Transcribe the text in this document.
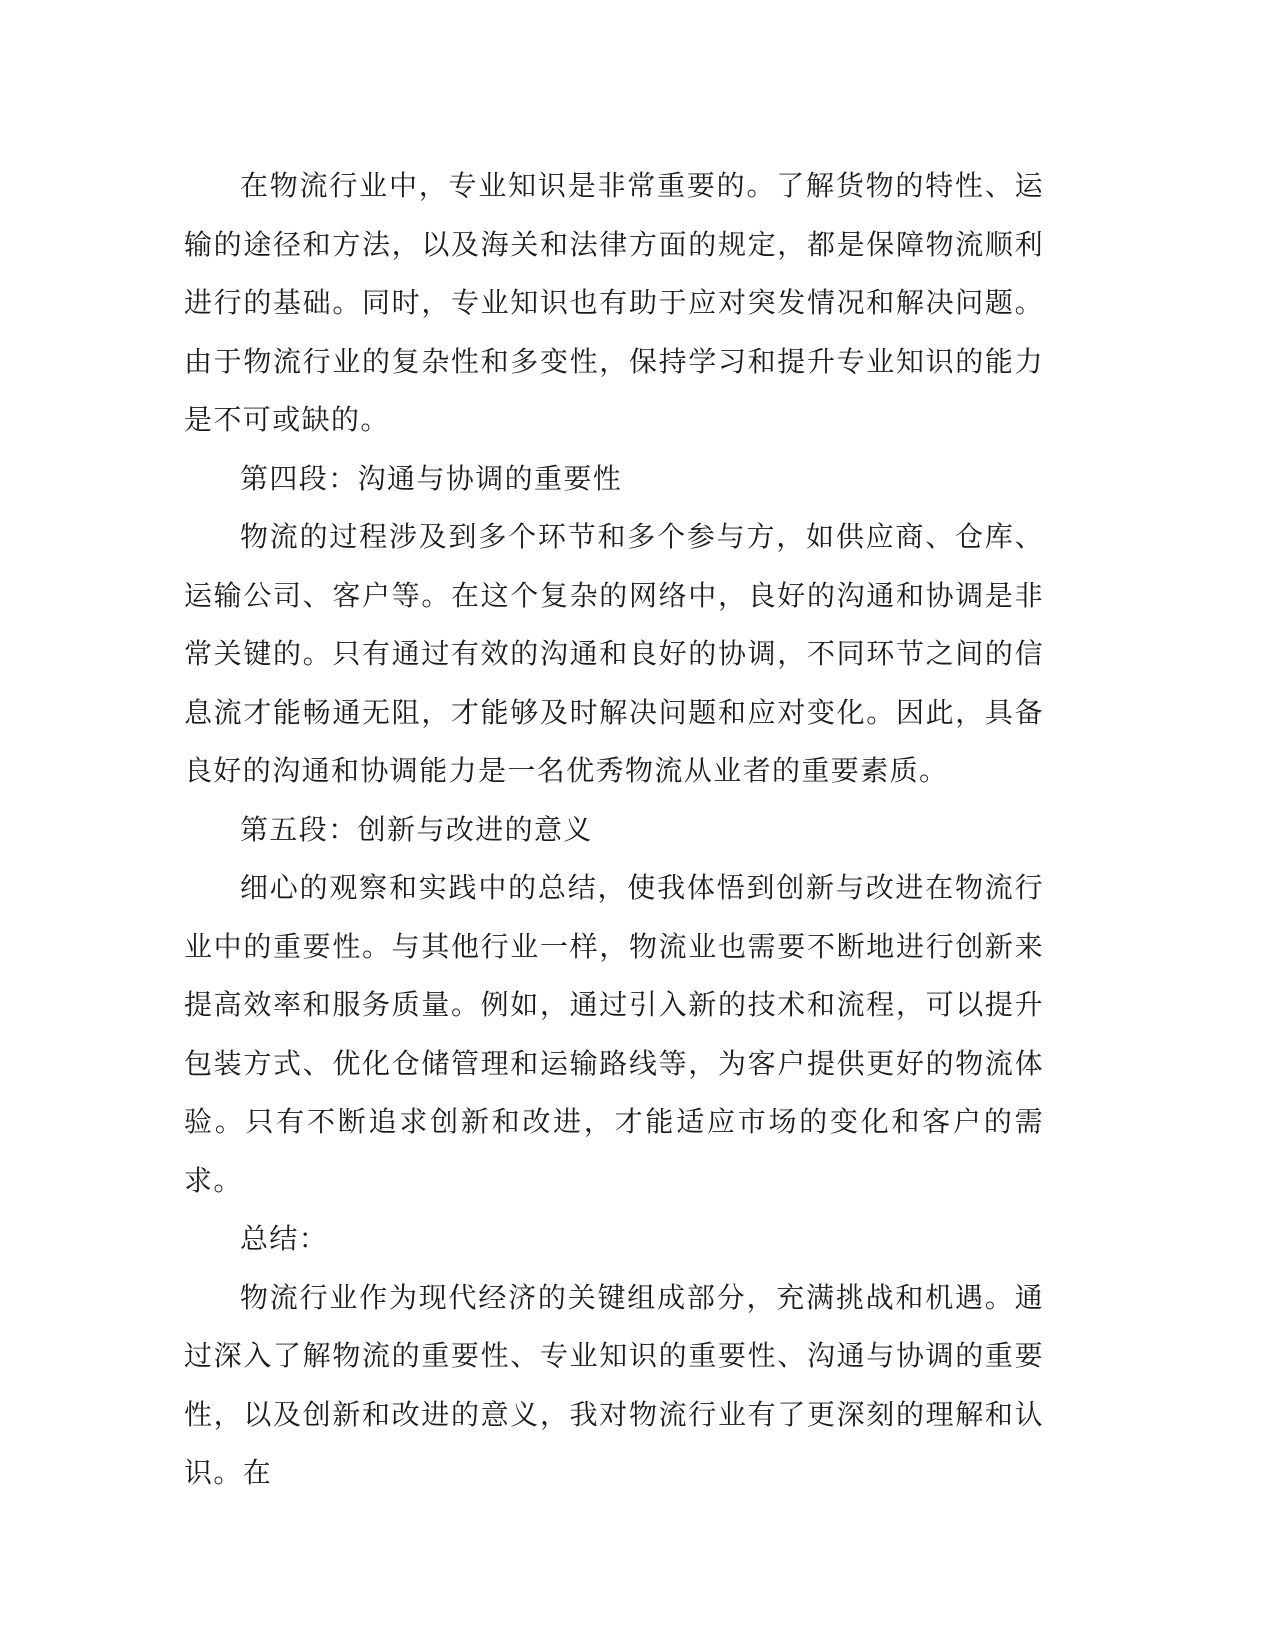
在物流行业中，专业知识是非常重要的。了解货物的特性、运输的途径和方法，以及海关和法律方面的规定，都是保障物流顺利进行的基础。同时，专业知识也有助于应对突发情况和解决问题。由于物流行业的复杂性和多变性，保持学习和提升专业知识的能力是不可或缺的。

第四段：沟通与协调的重要性

物流的过程涉及到多个环节和多个参与方，如供应商、仓库、运输公司、客户等。在这个复杂的网络中，良好的沟通和协调是非常关键的。只有通过有效的沟通和良好的协调，不同环节之间的信息流才能畅通无阻，才能够及时解决问题和应对变化。因此，具备良好的沟通和协调能力是一名优秀物流从业者的重要素质。

第五段：创新与改进的意义

细心的观察和实践中的总结，使我体悟到创新与改进在物流行业中的重要性。与其他行业一样，物流业也需要不断地进行创新来提高效率和服务质量。例如，通过引入新的技术和流程，可以提升包装方式、优化仓储管理和运输路线等，为客户提供更好的物流体验。只有不断追求创新和改进，才能适应市场的变化和客户的需求。

总结：

物流行业作为现代经济的关键组成部分，充满挑战和机遇。通过深入了解物流的重要性、专业知识的重要性、沟通与协调的重要性，以及创新和改进的意义，我对物流行业有了更深刻的理解和认识。在
